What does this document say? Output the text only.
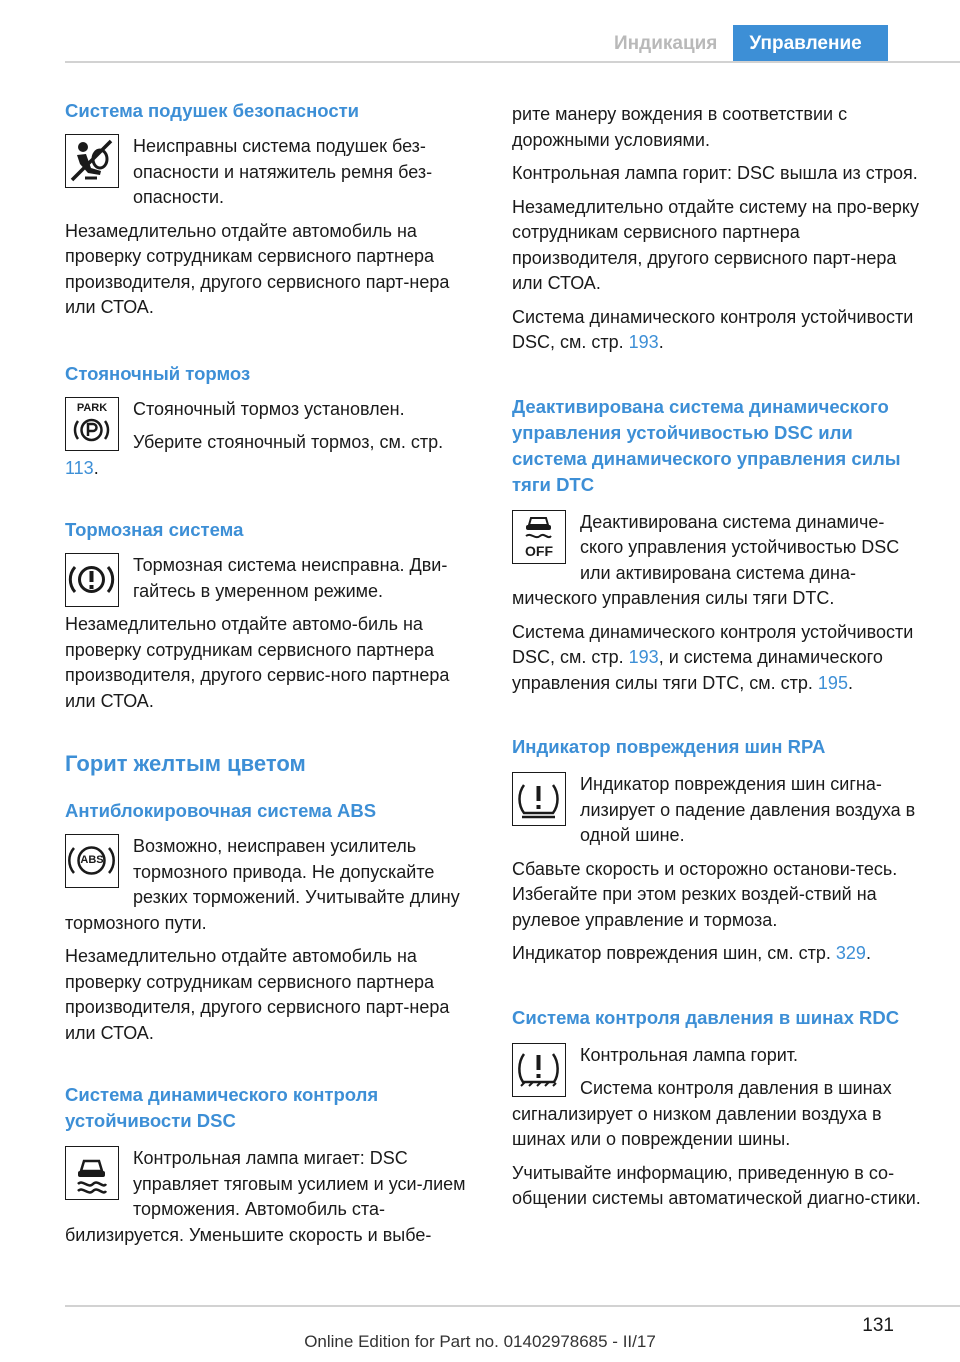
Индикация	Управление
Система подушек безопасности
Неисправны система подушек без-опасности и натяжитель ремня без-опасности.
Незамедлительно отдайте автомобиль на проверку сотрудникам сервисного партнера производителя, другого сервисного парт-нера или СТОА.
Стояночный тормоз
PARK	Стояночный тормоз установлен.
Уберите стояночный тормоз, см. стр. 113.
Тормозная система
Тормозная система неисправна. Дви-гайтесь в умеренном режиме.
Незамедлительно отдайте автомо-биль на проверку сотрудникам сервисного партнера производителя, другого сервис-ного партнера или СТОА.
Горит желтым цветом
Антиблокировочная система ABS
ABS
Возможно, неисправен усилитель тормозного привода. Не допускайте резких торможений. Учитывайте длину тормозного пути.
Незамедлительно отдайте автомобиль на проверку сотрудникам сервисного партнера производителя, другого сервисного парт-нера или СТОА.
Система динамического контроля устойчивости DSC
Контрольная лампа мигает: DSC управляет тяговым усилием и уси-лием торможения. Автомобиль ста-билизируется. Уменьшите скорость и выбе-
рите манеру вождения в соответствии с дорожными условиями.
Контрольная лампа горит: DSC вышла из строя.
Незамедлительно отдайте систему на про-верку сотрудникам сервисного партнера производителя, другого сервисного парт-нера или СТОА.
Система динамического контроля устойчивости DSC, см. стр. 193.
Деактивирована система динамического управления устойчивостью DSC или система динамического управления силы тяги DTC
OFF
Деактивирована система динамиче-ского управления устойчивостью DSC или активирована система дина-мического управления силы тяги DTC.
Система динамического контроля устойчивости DSC, см. стр. 193, и система динамического управления силы тяги DTC, см. стр. 195.
Индикатор повреждения шин RPA
Индикатор повреждения шин сигна-лизирует о падение давления воздуха в одной шине.
Сбавьте скорость и осторожно останови-тесь. Избегайте при этом резких воздей-ствий на рулевое управление и тормоза.
Индикатор повреждения шин, см. стр. 329.
Система контроля давления в шинах RDC
Контрольная лампа горит.
Система контроля давления в шинах сигнализирует о низком давлении воздуха в шинах или о повреждении шины.
Учитывайте информацию, приведенную в со-общении системы автоматической диагно-стики.
131
Online Edition for Part no. 01402978685 - II/17
